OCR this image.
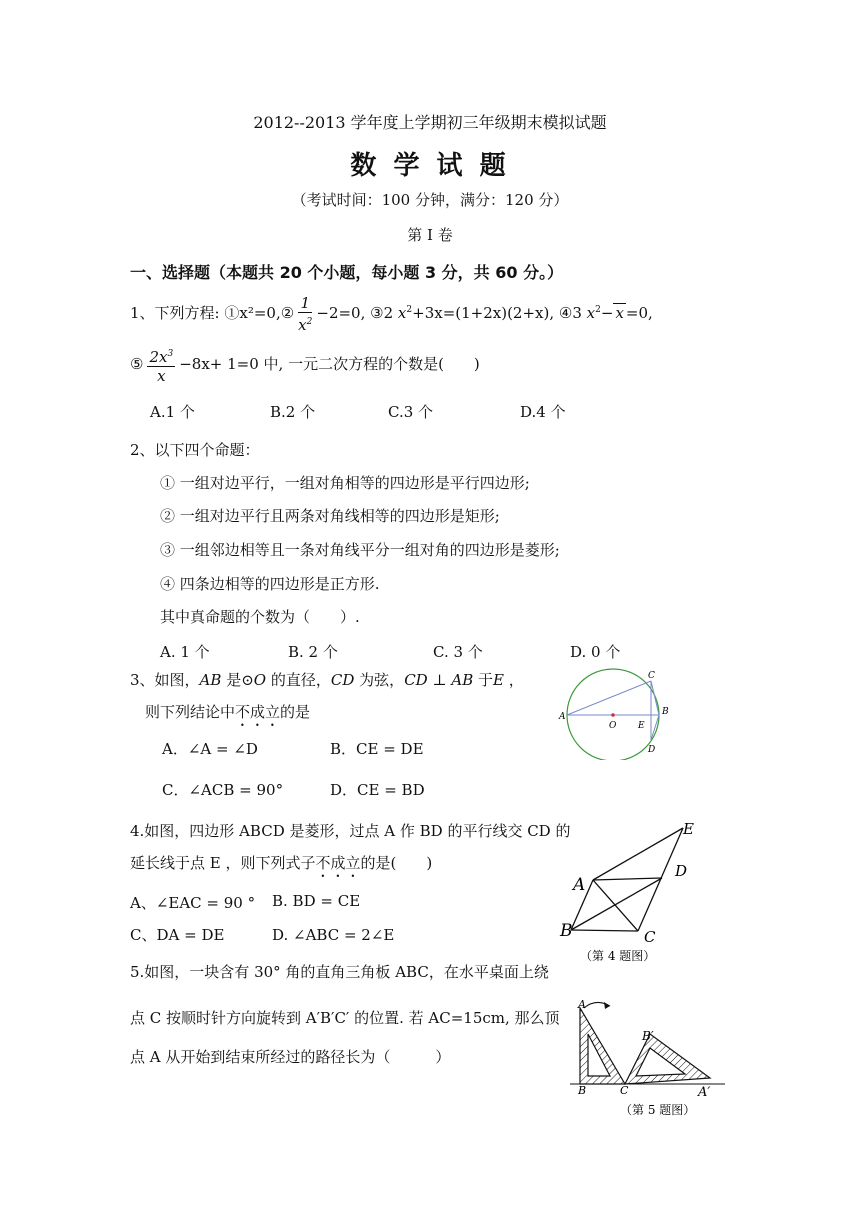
2012--2013 学年度上学期初三年级期末模拟试题
数 学 试 题
（考试时间：100 分钟，满分：120 分）
第 I 卷
一、选择题（本题共 20 个小题，每小题 3 分，共 60 分。）
1、下列方程: ①x²=0,② $\frac{1}{x^2} -2=0$, ③2 $x^2+3x=(1+2x)(2+x)$, ④3 $x^2- x =0$,
⑤ $\frac{2x^3}{x} -8x+ 1=0$ 中, 一元二次方程的个数是(　　)
A.1 个	B.2 个	C.3 个	D.4 个
2、以下四个命题：
① 一组对边平行，一组对角相等的四边形是平行四边形;
② 一组对边平行且两条对角线相等的四边形是矩形;
③ 一组邻边相等且一条对角线平分一组对角的四边形是菱形;
④ 四条边相等的四边形是正方形.
其中真命题的个数为（　　）.
A. 1 个	B. 2 个	C. 3 个	D. 0 个
3、如图，AB 是⊙O 的直径，CD 为弦，CD ⊥ AB 于E ，
则下列结论中不成立的是
A．∠A = ∠D	B．CE = DE
C．∠ACB = 90°	D．CE = BD
A
O E
B
C
D
4.如图，四边形 ABCD 是菱形，过点 A 作 BD 的平行线交 CD 的
延长线于点 E ，则下列式子不成立的是(　　)
A、∠EAC = 90 ° B. BD = CE
C、DA = DE	D. ∠ABC = 2∠E
E
D
A
B	C
（第 4 题图）
5.如图，一块含有 30° 角的直角三角板 ABC，在水平桌面上绕
点 C 按顺时针方向旋转到 A′B′C′ 的位置. 若 AC=15cm, 那么顶
点 A 从开始到结束所经过的路径长为（　　　）
A
B′
B	C	A′
（第 5 题图）
